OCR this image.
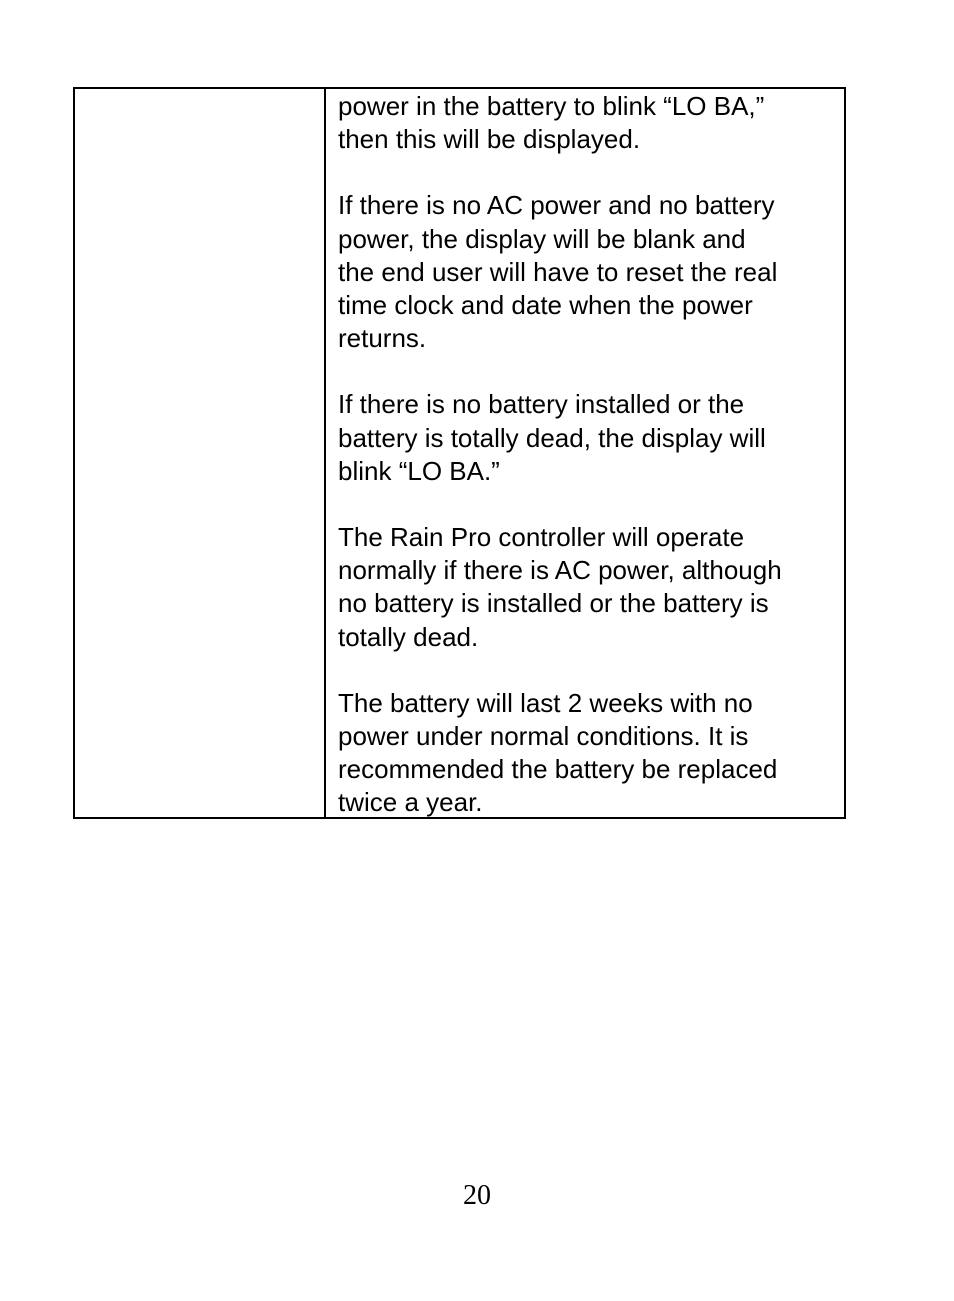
power in the battery to blink “LO BA,”
then this will be displayed.

If there is no AC power and no battery
power, the display will be blank and
the end user will have to reset the real
time clock and date when the power
returns.

If there is no battery installed or the
battery is totally dead, the display will
blink “LO BA.”

The Rain Pro controller will operate
normally if there is AC power, although
no battery is installed or the battery is
totally dead.

The battery will last 2 weeks with no
power under normal conditions. It is
recommended the battery be replaced
twice a year.

20
